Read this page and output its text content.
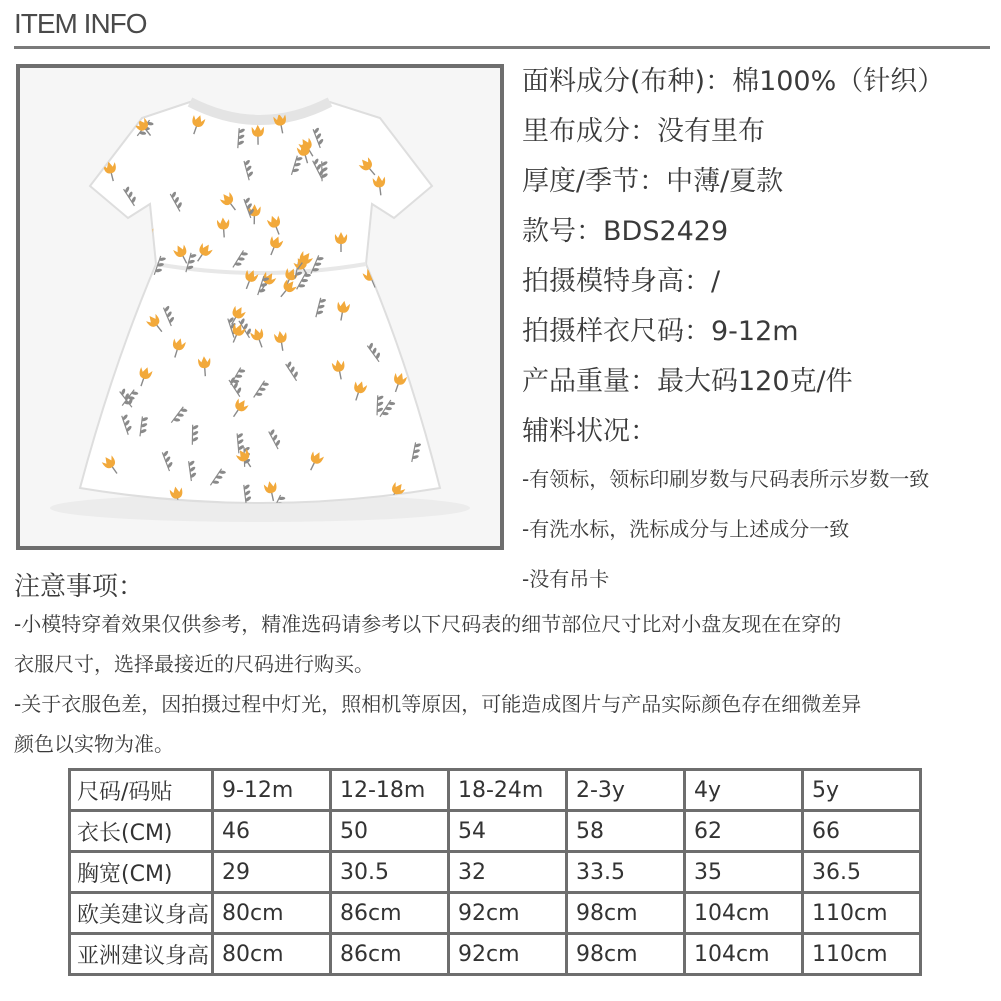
ITEM INFO
面料成分(布种)：棉100%（针织）
里布成分：没有里布
厚度/季节：中薄/夏款
款号：BDS2429
拍摄模特身高：/
拍摄样衣尺码：9-12m
产品重量：最大码120克/件
辅料状况：
-有领标，领标印刷岁数与尺码表所示岁数一致
-有洗水标，洗标成分与上述成分一致
-没有吊卡
注意事项：

-小模特穿着效果仅供参考，精准选码请参考以下尺码表的细节部位尺寸比对小盘友现在在穿的

衣服尺寸，选择最接近的尺码进行购买。

-关于衣服色差，因拍摄过程中灯光，照相机等原因，可能造成图片与产品实际颜色存在细微差异

颜色以实物为准。

尺码/码贴	9-12m	12-18m	18-24m	2-3y	4y	5y
衣长(CM)	46	50	54	58	62	66
胸宽(CM)	29	30.5	32	33.5	35	36.5
欧美建议身高	80cm	86cm	92cm	98cm	104cm	110cm
亚洲建议身高	80cm	86cm	92cm	98cm	104cm	110cm
